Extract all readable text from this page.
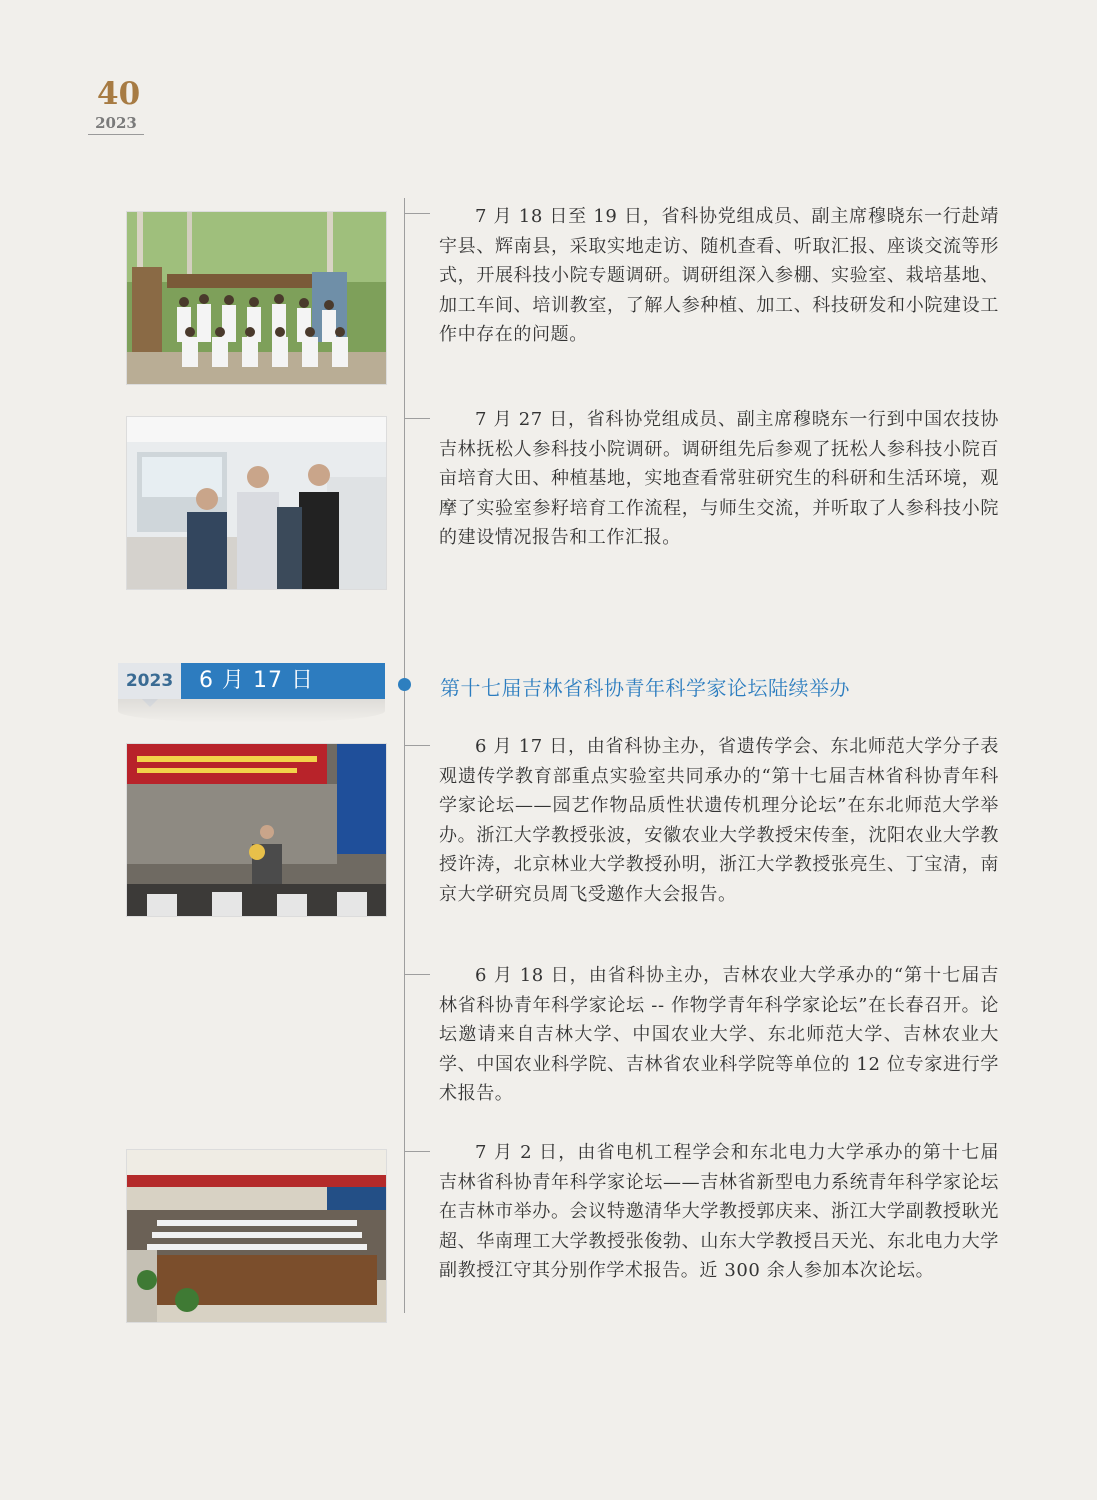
40
2023
7 月 18 日至 19 日，省科协党组成员、副主席穆晓东一行赴靖宇县、辉南县，采取实地走访、随机查看、听取汇报、座谈交流等形式，开展科技小院专题调研。调研组深入参棚、实验室、栽培基地、加工车间、培训教室，了解人参种植、加工、科技研发和小院建设工作中存在的问题。
7 月 27 日，省科协党组成员、副主席穆晓东一行到中国农技协吉林抚松人参科技小院调研。调研组先后参观了抚松人参科技小院百亩培育大田、种植基地，实地查看常驻研究生的科研和生活环境，观摩了实验室参籽培育工作流程，与师生交流，并听取了人参科技小院的建设情况报告和工作汇报。
2023	6 月 17 日	第十七届吉林省科协青年科学家论坛陆续举办
6 月 17 日，由省科协主办，省遗传学会、东北师范大学分子表观遗传学教育部重点实验室共同承办的“第十七届吉林省科协青年科学家论坛——园艺作物品质性状遗传机理分论坛”在东北师范大学举办。浙江大学教授张波，安徽农业大学教授宋传奎，沈阳农业大学教授许涛，北京林业大学教授孙明，浙江大学教授张亮生、丁宝清，南京大学研究员周飞受邀作大会报告。
6 月 18 日，由省科协主办，吉林农业大学承办的“第十七届吉林省科协青年科学家论坛 -- 作物学青年科学家论坛”在长春召开。论坛邀请来自吉林大学、中国农业大学、东北师范大学、吉林农业大学、中国农业科学院、吉林省农业科学院等单位的 12 位专家进行学术报告。
7 月 2 日，由省电机工程学会和东北电力大学承办的第十七届吉林省科协青年科学家论坛——吉林省新型电力系统青年科学家论坛在吉林市举办。会议特邀清华大学教授郭庆来、浙江大学副教授耿光超、华南理工大学教授张俊勃、山东大学教授吕天光、东北电力大学副教授江守其分别作学术报告。近 300 余人参加本次论坛。
